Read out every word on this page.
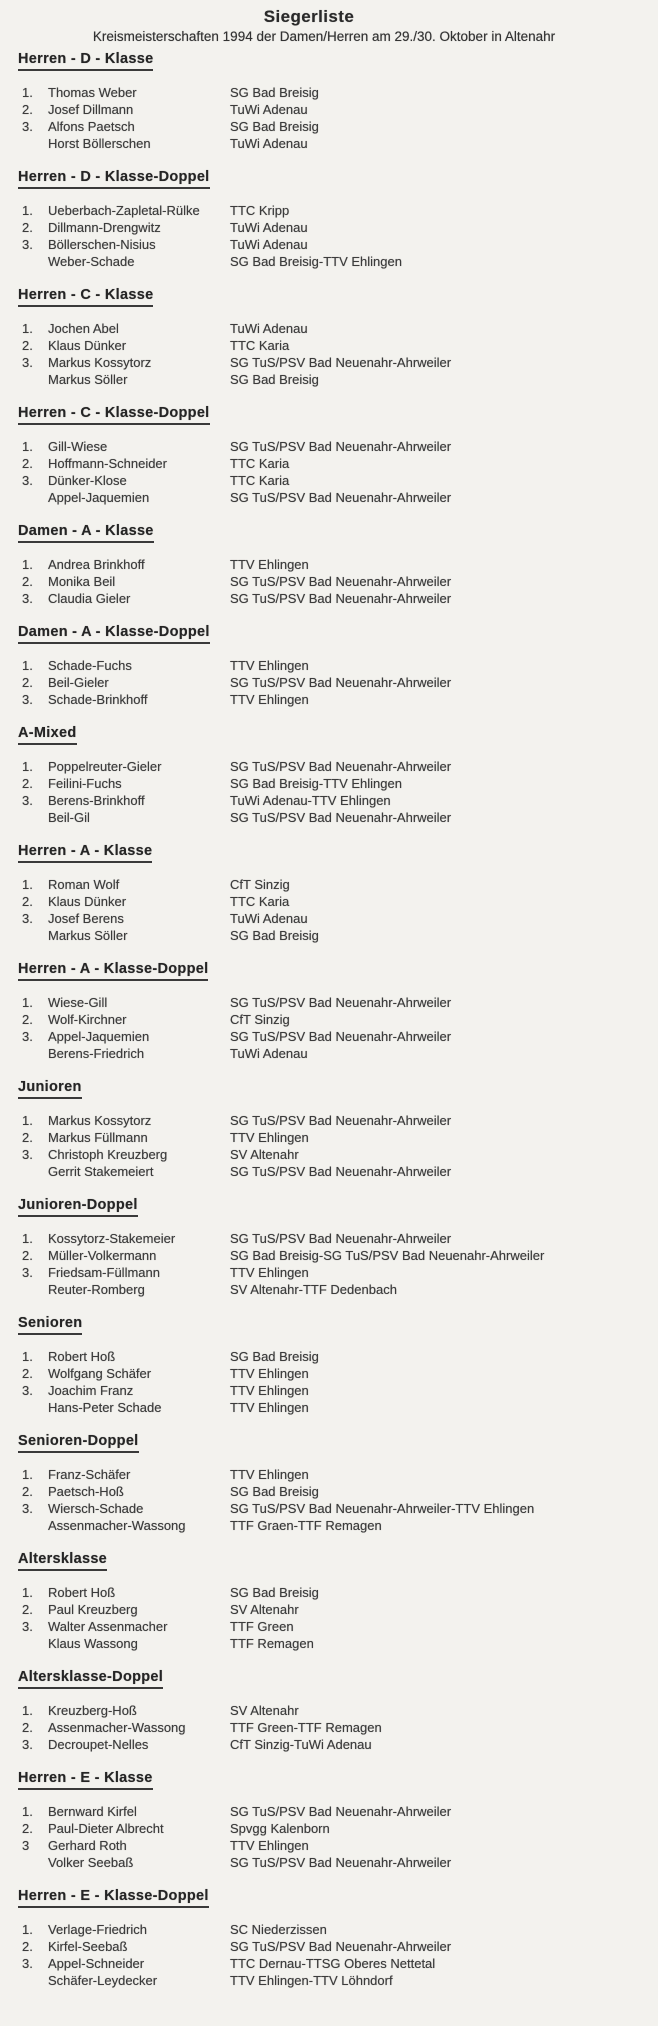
Siegerliste
Kreismeisterschaften 1994 der Damen/Herren am 29./30. Oktober in Altenahr
Herren - D - Klasse
1.	Thomas Weber	SG Bad Breisig
2.	Josef Dillmann	TuWi Adenau
3.	Alfons Paetsch	SG Bad Breisig
Horst Böllerschen	TuWi Adenau
Herren - D - Klasse-Doppel
1.	Ueberbach-Zapletal-Rülke	TTC Kripp
2.	Dillmann-Drengwitz	TuWi Adenau
3.	Böllerschen-Nisius	TuWi Adenau
Weber-Schade	SG Bad Breisig-TTV Ehlingen
Herren - C - Klasse
1.	Jochen Abel	TuWi Adenau
2.	Klaus Dünker	TTC Karia
3.	Markus Kossytorz	SG TuS/PSV Bad Neuenahr-Ahrweiler
Markus Söller	SG Bad Breisig
Herren - C - Klasse-Doppel
1.	Gill-Wiese	SG TuS/PSV Bad Neuenahr-Ahrweiler
2.	Hoffmann-Schneider	TTC Karia
3.	Dünker-Klose	TTC Karia
Appel-Jaquemien	SG TuS/PSV Bad Neuenahr-Ahrweiler
Damen - A - Klasse
1.	Andrea Brinkhoff	TTV Ehlingen
2.	Monika Beil	SG TuS/PSV Bad Neuenahr-Ahrweiler
3.	Claudia Gieler	SG TuS/PSV Bad Neuenahr-Ahrweiler
Damen - A - Klasse-Doppel
1.	Schade-Fuchs	TTV Ehlingen
2.	Beil-Gieler	SG TuS/PSV Bad Neuenahr-Ahrweiler
3.	Schade-Brinkhoff	TTV Ehlingen
A-Mixed
1.	Poppelreuter-Gieler	SG TuS/PSV Bad Neuenahr-Ahrweiler
2.	Feilini-Fuchs	SG Bad Breisig-TTV Ehlingen
3.	Berens-Brinkhoff	TuWi Adenau-TTV Ehlingen
Beil-Gil	SG TuS/PSV Bad Neuenahr-Ahrweiler
Herren - A - Klasse
1.	Roman Wolf	CfT Sinzig
2.	Klaus Dünker	TTC Karia
3.	Josef Berens	TuWi Adenau
Markus Söller	SG Bad Breisig
Herren - A - Klasse-Doppel
1.	Wiese-Gill	SG TuS/PSV Bad Neuenahr-Ahrweiler
2.	Wolf-Kirchner	CfT Sinzig
3.	Appel-Jaquemien	SG TuS/PSV Bad Neuenahr-Ahrweiler
Berens-Friedrich	TuWi Adenau
Junioren
1.	Markus Kossytorz	SG TuS/PSV Bad Neuenahr-Ahrweiler
2.	Markus Füllmann	TTV Ehlingen
3.	Christoph Kreuzberg	SV Altenahr
Gerrit Stakemeiert	SG TuS/PSV Bad Neuenahr-Ahrweiler
Junioren-Doppel
1.	Kossytorz-Stakemeier	SG TuS/PSV Bad Neuenahr-Ahrweiler
2.	Müller-Volkermann	SG Bad Breisig-SG TuS/PSV Bad Neuenahr-Ahrweiler
3.	Friedsam-Füllmann	TTV Ehlingen
Reuter-Romberg	SV Altenahr-TTF Dedenbach
Senioren
1.	Robert Hoß	SG Bad Breisig
2.	Wolfgang Schäfer	TTV Ehlingen
3.	Joachim Franz	TTV Ehlingen
Hans-Peter Schade	TTV Ehlingen
Senioren-Doppel
1.	Franz-Schäfer	TTV Ehlingen
2.	Paetsch-Hoß	SG Bad Breisig
3.	Wiersch-Schade	SG TuS/PSV Bad Neuenahr-Ahrweiler-TTV Ehlingen
Assenmacher-Wassong	TTF Graen-TTF Remagen
Altersklasse
1.	Robert Hoß	SG Bad Breisig
2.	Paul Kreuzberg	SV Altenahr
3.	Walter Assenmacher	TTF Green
Klaus Wassong	TTF Remagen
Altersklasse-Doppel
1.	Kreuzberg-Hoß	SV Altenahr
2.	Assenmacher-Wassong	TTF Green-TTF Remagen
3.	Decroupet-Nelles	CfT Sinzig-TuWi Adenau
Herren - E - Klasse
1.	Bernward Kirfel	SG TuS/PSV Bad Neuenahr-Ahrweiler
2.	Paul-Dieter Albrecht	Spvgg Kalenborn
3	Gerhard Roth	TTV Ehlingen
Volker Seebaß	SG TuS/PSV Bad Neuenahr-Ahrweiler
Herren - E - Klasse-Doppel
1.	Verlage-Friedrich	SC Niederzissen
2.	Kirfel-Seebaß	SG TuS/PSV Bad Neuenahr-Ahrweiler
3.	Appel-Schneider	TTC Dernau-TTSG Oberes Nettetal
Schäfer-Leydecker	TTV Ehlingen-TTV Löhndorf
